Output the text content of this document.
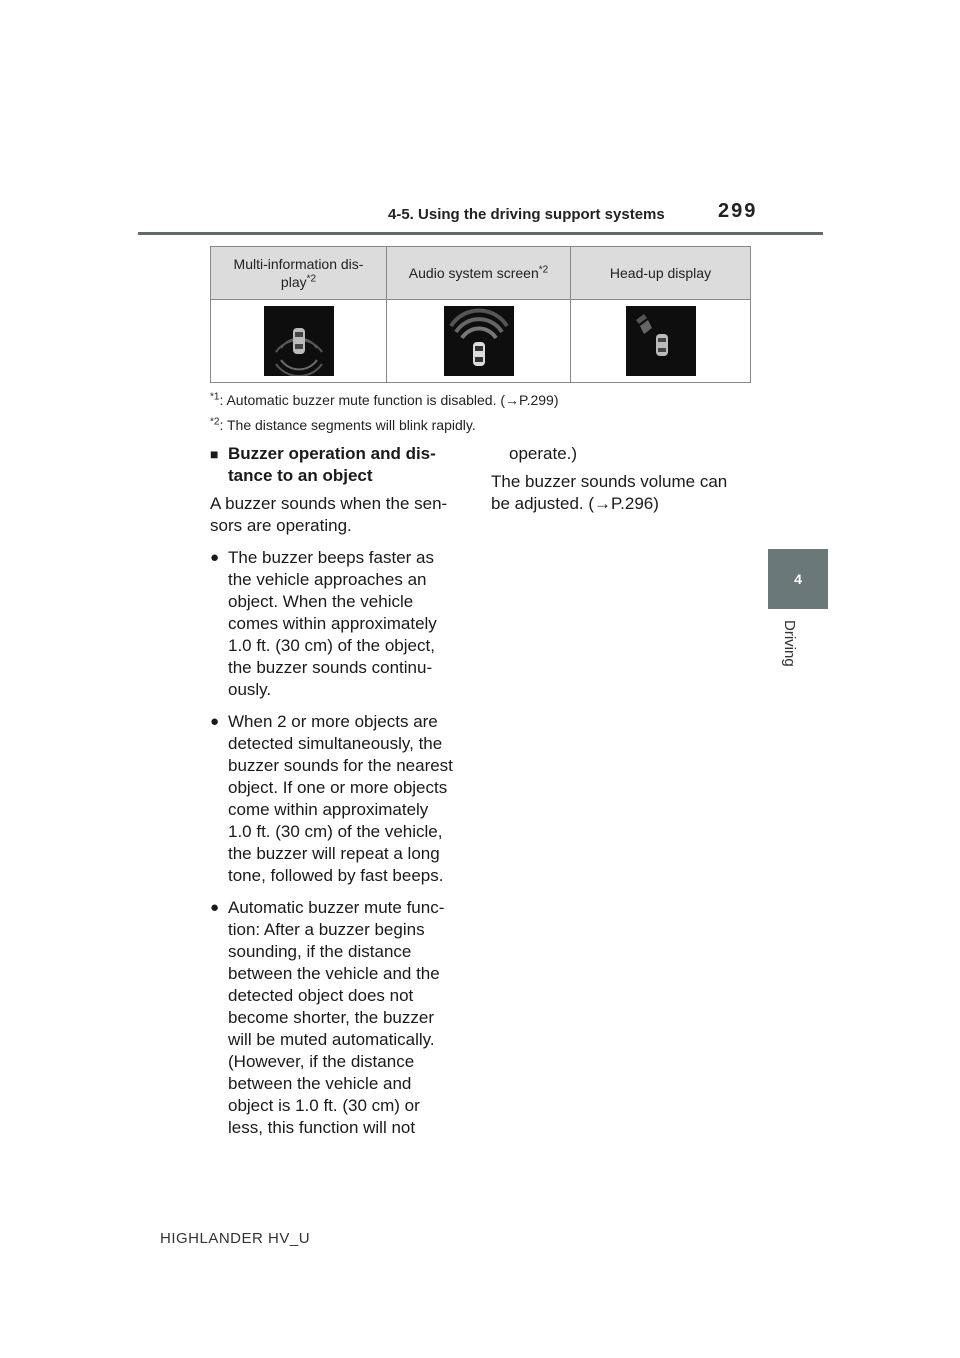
4-5. Using the driving support systems	299
4
Driving
Multi-information dis-play$^{*2}$	Audio system screen$^{*2}$	Head-up display

$^{*1}$: Automatic buzzer mute function is disabled. (→P.299)
$^{*2}$: The distance segments will blink rapidly.

■ Buzzer operation and dis-
tance to an object

A buzzer sounds when the sen-
sors are operating.

● The buzzer beeps faster as
the vehicle approaches an
object. When the vehicle
comes within approximately
1.0 ft. (30 cm) of the object,
the buzzer sounds continu-
ously.

● When 2 or more objects are
detected simultaneously, the
buzzer sounds for the nearest
object. If one or more objects
come within approximately
1.0 ft. (30 cm) of the vehicle,
the buzzer will repeat a long
tone, followed by fast beeps.

● Automatic buzzer mute func-
tion: After a buzzer begins
sounding, if the distance
between the vehicle and the
detected object does not
become shorter, the buzzer
will be muted automatically.
(However, if the distance
between the vehicle and
object is 1.0 ft. (30 cm) or
less, this function will not

operate.)

The buzzer sounds volume can
be adjusted. (→P.296)

HIGHLANDER HV_U
